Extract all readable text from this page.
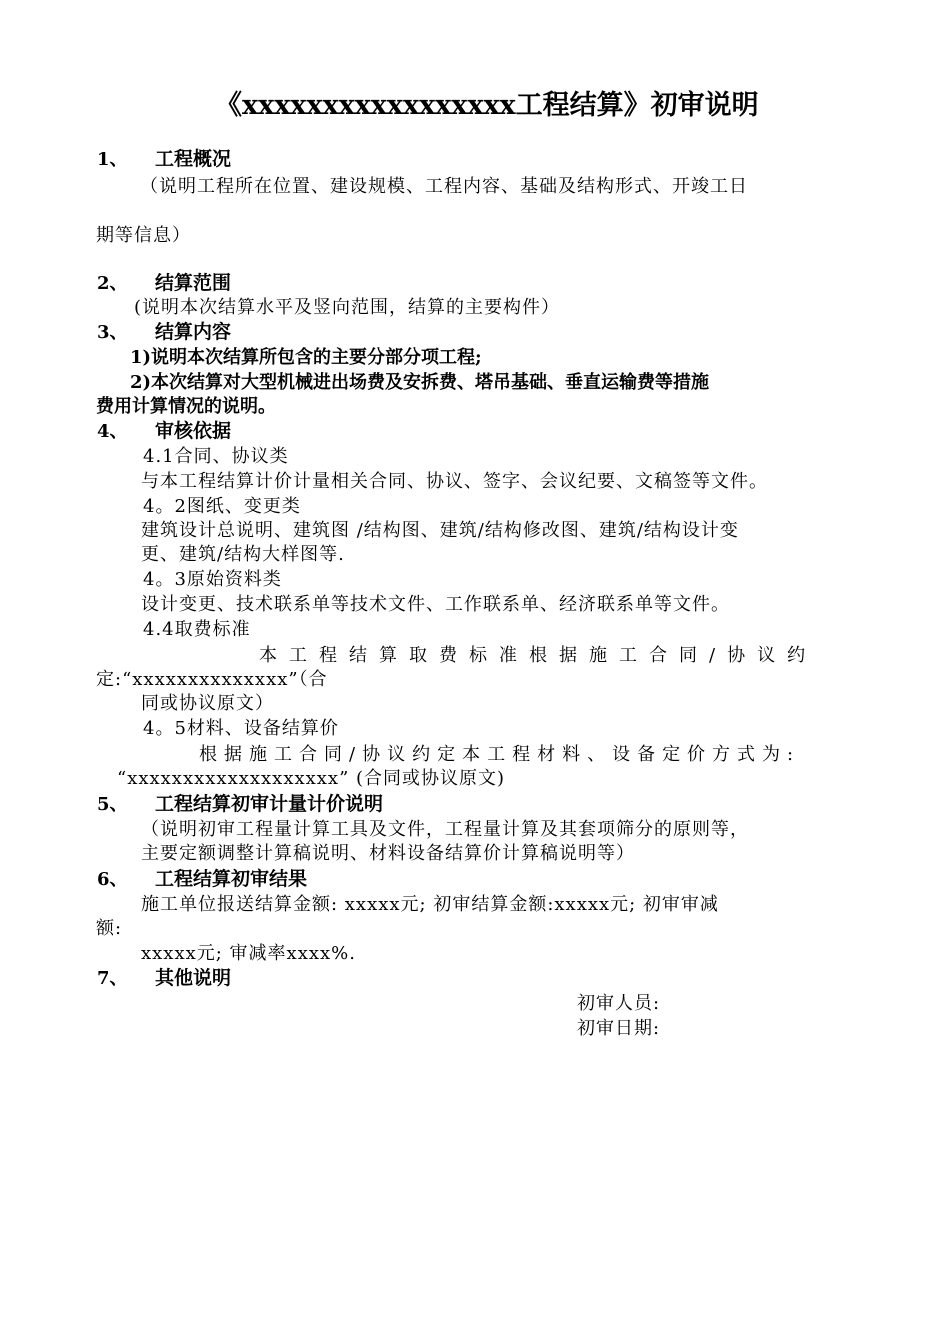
《xxxxxxxxxxxxxxxxx工程结算》初审说明
1、 工程概况
（说明工程所在位置、建设规模、工程内容、基础及结构形式、开竣工日
期等信息）
2、 结算范围
(说明本次结算水平及竖向范围，结算的主要构件）
3、 结算内容
1)说明本次结算所包含的主要分部分项工程;
2)本次结算对大型机械进出场费及安拆费、塔吊基础、垂直运输费等措施
费用计算情况的说明。
4、 审核依据
4.1合同、协议类
与本工程结算计价计量相关合同、协议、签字、会议纪要、文稿签等文件。
4。2图纸、变更类
建筑设计总说明、建筑图 /结构图、建筑/结构修改图、建筑/结构设计变
更、建筑/结构大样图等.
4。3原始资料类
设计变更、技术联系单等技术文件、工作联系单、经济联系单等文件。
4.4取费标准
本工程结算取费标准根据施工合同/协议约
定:“xxxxxxxxxxxxxx”（合
同或协议原文）
4。5材料、设备结算价
根据施工合同/协议约定本工程材料、设备定价方式为:
“xxxxxxxxxxxxxxxxxxx” (合同或协议原文)
5、 工程结算初审计量计价说明
（说明初审工程量计算工具及文件，工程量计算及其套项筛分的原则等，
主要定额调整计算稿说明、材料设备结算价计算稿说明等）
6、 工程结算初审结果
施工单位报送结算金额: xxxxx元; 初审结算金额:xxxxx元; 初审审减
额:
xxxxx元; 审减率xxxx%.
7、 其他说明
初审人员:
初审日期:
